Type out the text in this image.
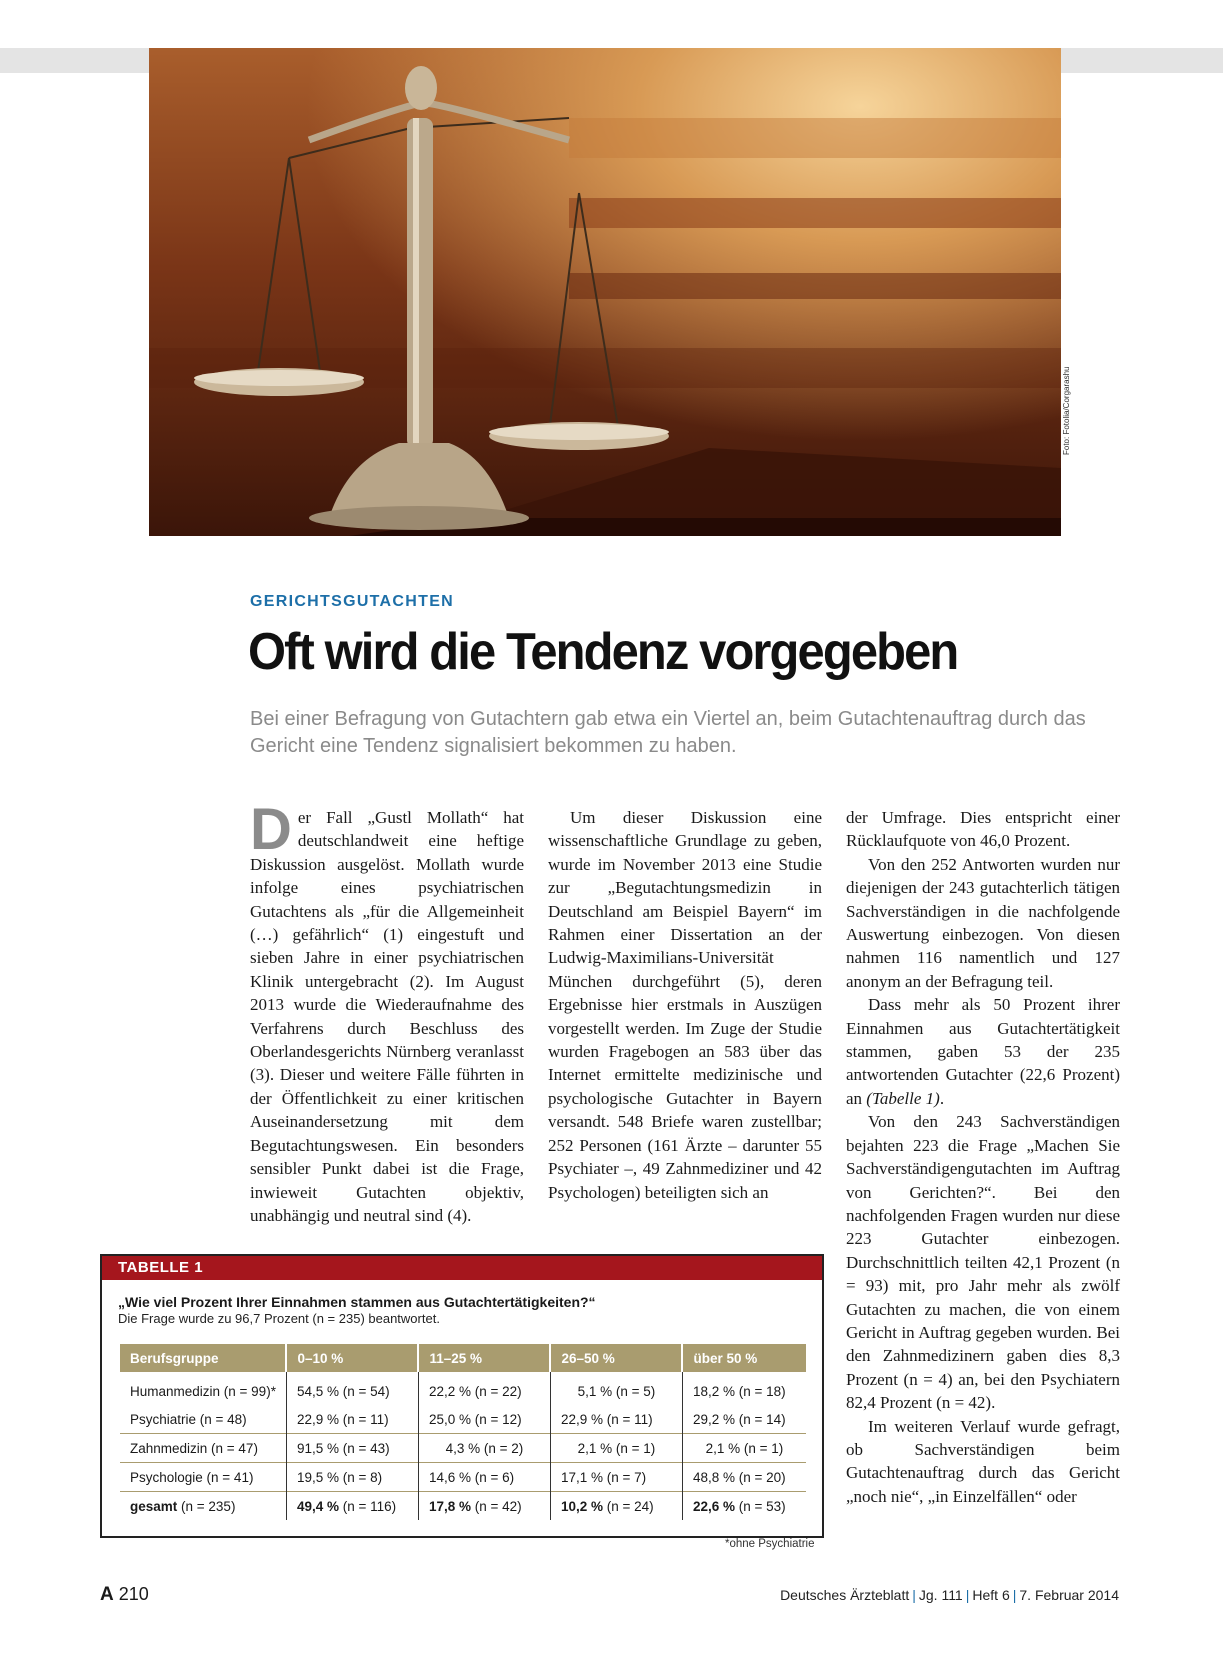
Foto: Fotolia/Corgarashu
GERICHTSGUTACHTEN
Oft wird die Tendenz vorgegeben
Bei einer Befragung von Gutachtern gab etwa ein Viertel an, beim Gutachtenauftrag durch das Gericht eine Tendenz signalisiert bekommen zu haben.

Der Fall „Gustl Mollath“ hat deutschlandweit eine heftige Diskussion ausgelöst. Mollath wurde infolge eines psychiatrischen Gutachtens als „für die Allgemeinheit (…) gefährlich“ (1) eingestuft und sieben Jahre in einer psychiatrischen Klinik untergebracht (2). Im August 2013 wurde die Wiederaufnahme des Verfahrens durch Beschluss des Oberlandesgerichts Nürnberg veranlasst (3). Dieser und weitere Fälle führten in der Öffentlichkeit zu einer kritischen Auseinandersetzung mit dem Begutachtungswesen. Ein besonders sensibler Punkt dabei ist die Frage, inwieweit Gutachten objektiv, unabhängig und neutral sind (4).

Um dieser Diskussion eine wissenschaftliche Grundlage zu geben, wurde im November 2013 eine Studie zur „Begutachtungsmedizin in Deutschland am Beispiel Bayern“ im Rahmen einer Dissertation an der Ludwig-Maximilians-Universität München durchgeführt (5), deren Ergebnisse hier erstmals in Auszügen vorgestellt werden. Im Zuge der Studie wurden Fragebogen an 583 über das Internet ermittelte medizinische und psychologische Gutachter in Bayern versandt. 548 Briefe waren zustellbar; 252 Personen (161 Ärzte – darunter 55 Psychiater –, 49 Zahnmediziner und 42 Psychologen) beteiligten sich an

der Umfrage. Dies entspricht einer Rücklaufquote von 46,0 Prozent.

Von den 252 Antworten wurden nur diejenigen der 243 gutachterlich tätigen Sachverständigen in die nachfolgende Auswertung einbezogen. Von diesen nahmen 116 namentlich und 127 anonym an der Befragung teil.

Dass mehr als 50 Prozent ihrer Einnahmen aus Gutachtertätigkeit stammen, gaben 53 der 235 antwortenden Gutachter (22,6 Prozent) an (Tabelle 1).

Von den 243 Sachverständigen bejahten 223 die Frage „Machen Sie Sachverständigengutachten im Auftrag von Gerichten?“. Bei den nachfolgenden Fragen wurden nur diese 223 Gutachter einbezogen. Durchschnittlich teilten 42,1 Prozent (n = 93) mit, pro Jahr mehr als zwölf Gutachten zu machen, die von einem Gericht in Auftrag gegeben wurden. Bei den Zahnmedizinern gaben dies 8,3 Prozent (n = 4) an, bei den Psychiatern 82,4 Prozent (n = 42).

Im weiteren Verlauf wurde gefragt, ob Sachverständigen beim Gutachtenauftrag durch das Gericht „noch nie“, „in Einzelfällen“ oder

TABELLE 1
„Wie viel Prozent Ihrer Einnahmen stammen aus Gutachtertätigkeiten?“
Die Frage wurde zu 96,7 Prozent (n = 235) beantwortet.
Berufsgruppe	0–10 %	11–25 %	26–50 %	über 50 %
Humanmedizin (n = 99)*	54,5 % (n = 54)	22,2 % (n = 22)	5,1 % (n = 5)	18,2 % (n = 18)
Psychiatrie (n = 48)	22,9 % (n = 11)	25,0 % (n = 12)	22,9 % (n = 11)	29,2 % (n = 14)
Zahnmedizin (n = 47)	91,5 % (n = 43)	4,3 % (n = 2)	2,1 % (n = 1)	2,1 % (n = 1)
Psychologie (n = 41)	19,5 % (n = 8)	14,6 % (n = 6)	17,1 % (n = 7)	48,8 % (n = 20)
gesamt (n = 235)	49,4 % (n = 116)	17,8 % (n = 42)	10,2 % (n = 24)	22,6 % (n = 53)
*ohne Psychiatrie
A 210	Deutsches Ärzteblatt | Jg. 111 | Heft 6 | 7. Februar 2014
